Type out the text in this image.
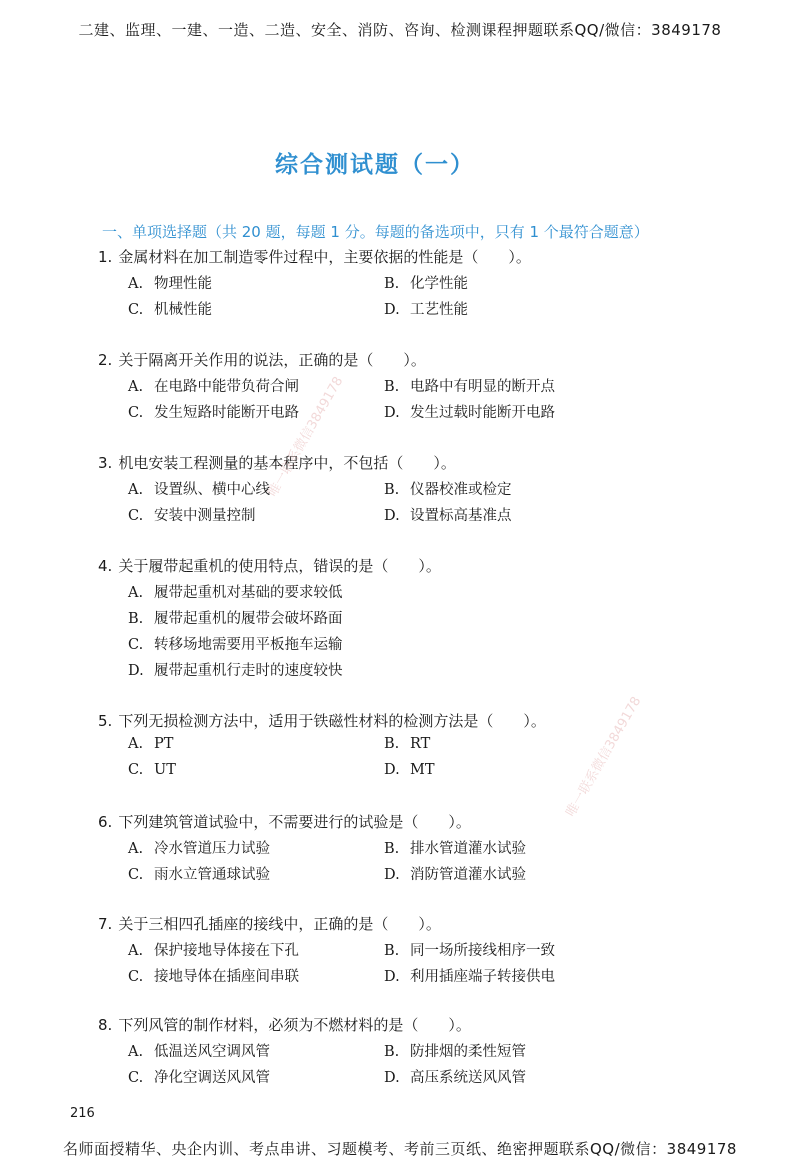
二建、监理、一建、一造、二造、安全、消防、咨询、检测课程押题联系QQ/微信：3849178
综合测试题（一）
一、单项选择题（共 20 题，每题 1 分。每题的备选项中，只有 1 个最符合题意）
1. 金属材料在加工制造零件过程中，主要依据的性能是（　　）。
A. 物理性能	B. 化学性能
C. 机械性能	D. 工艺性能
2. 关于隔离开关作用的说法，正确的是（　　）。
A. 在电路中能带负荷合闸	B. 电路中有明显的断开点
C. 发生短路时能断开电路	D. 发生过载时能断开电路
3. 机电安装工程测量的基本程序中，不包括（　　）。
A. 设置纵、横中心线	B. 仪器校准或检定
C. 安装中测量控制	D. 设置标高基准点
4. 关于履带起重机的使用特点，错误的是（　　）。
A. 履带起重机对基础的要求较低
B. 履带起重机的履带会破坏路面
C. 转移场地需要用平板拖车运输
D. 履带起重机行走时的速度较快
5. 下列无损检测方法中，适用于铁磁性材料的检测方法是（　　）。
A. PT	B. RT
C. UT	D. MT
6. 下列建筑管道试验中，不需要进行的试验是（　　）。
A. 冷水管道压力试验	B. 排水管道灌水试验
C. 雨水立管通球试验	D. 消防管道灌水试验
7. 关于三相四孔插座的接线中，正确的是（　　）。
A. 保护接地导体接在下孔	B. 同一场所接线相序一致
C. 接地导体在插座间串联	D. 利用插座端子转接供电
8. 下列风管的制作材料，必须为不燃材料的是（　　）。
A. 低温送风空调风管	B. 防排烟的柔性短管
C. 净化空调送风风管	D. 高压系统送风风管
唯一联系微信3849178
唯一联系微信3849178
216
名师面授精华、央企内训、考点串讲、习题模考、考前三页纸、绝密押题联系QQ/微信：3849178
